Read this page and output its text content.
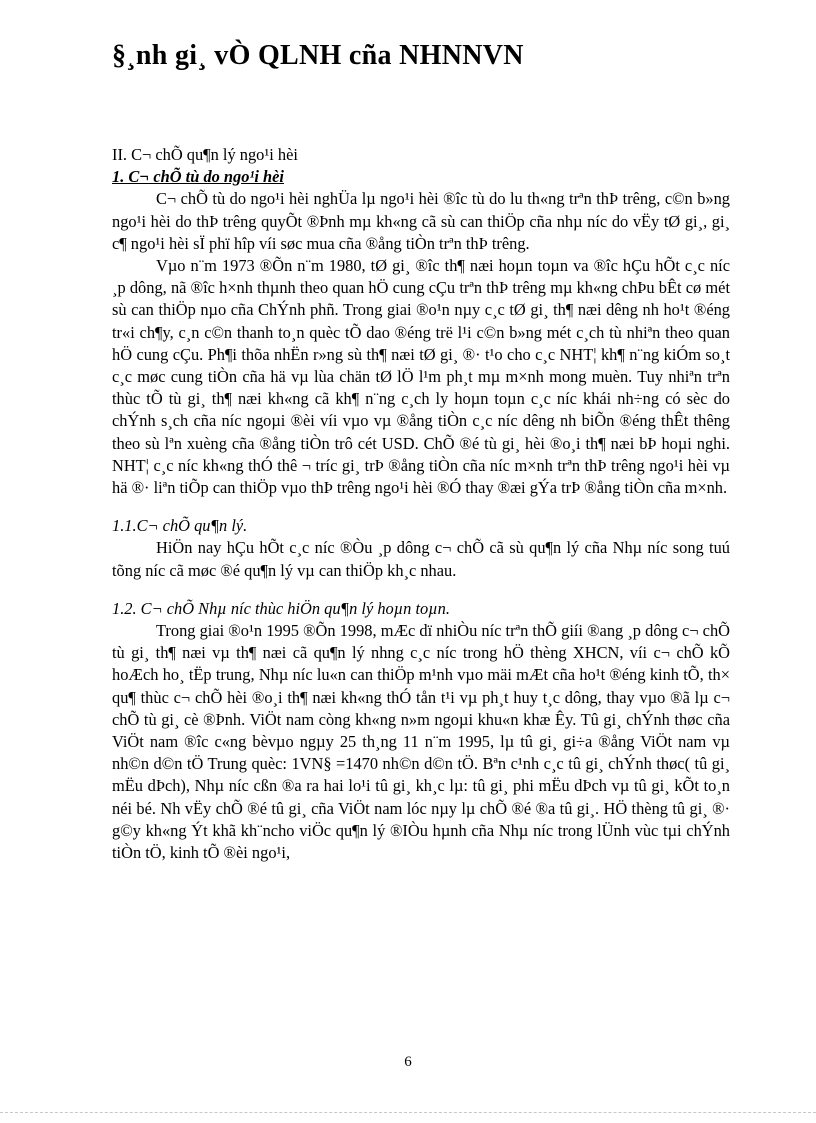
§¸nh gi¸ vÒ QLNH cña NHNNVN

II. C¬ chÕ qu¶n lý ngo¹i hèi

1. C¬ chÕ tù do ngo¹i hèi

C¬ chÕ tù do ngo¹i hèi nghÜa lµ ngo¹i hèi ®îc tù do lu th«ng trªn thÞ trêng, c©n b»ng ngo¹i hèi do thÞ trêng quyÕt ®Þnh mµ kh«ng cã sù can thiÖp cña nhµ níc do vËy tØ gi¸, gi¸ c¶ ngo¹i hèi sÏ phï hîp víi søc mua cña ®ång tiÒn trªn thÞ trêng.

Vµo n¨m 1973 ®Õn n¨m 1980, tØ gi¸ ®îc th¶ næi hoµn toµn va ®îc hÇu hÕt c¸c níc ¸p dông, nã ®îc h×nh thµnh theo quan hÖ cung cÇu trªn thÞ trêng mµ kh«ng chÞu bÊt cø mét sù can thiÖp nµo cña ChÝnh phñ. Trong giai ®o¹n nµy c¸c tØ gi¸ th¶ næi dêng nh ho¹t ®éng tr«i ch¶y, c¸n c©n thanh to¸n quèc tÕ dao ®éng trë l¹i c©n b»ng mét c¸ch tù nhiªn theo quan hÖ cung cÇu. Ph¶i thõa nhËn r»ng sù th¶ næi tØ gi¸ ®· t¹o cho c¸c NHT¦ kh¶ n¨ng kiÓm so¸t c¸c møc cung tiÒn cña hä vµ lùa chän tØ lÖ l¹m ph¸t mµ m×nh mong muèn. Tuy nhiªn trªn thùc tÕ tù gi¸ th¶ næi kh«ng cã kh¶ n¨ng c¸ch ly hoµn toµn c¸c níc khái nh÷ng có sèc do chÝnh s¸ch cña níc ngoµi ®èi víi vµo vµ ®ång tiÒn c¸c níc dêng nh biÕn ®éng thÊt thêng theo sù lªn xuèng cña ®ång tiÒn trô cét USD. ChÕ ®é tù gi¸ hèi ®o¸i th¶ næi bÞ hoµi nghi. NHT¦ c¸c níc kh«ng thÓ thê ¬ tríc gi¸ trÞ ®ång tiÒn cña níc m×nh trªn thÞ trêng ngo¹i hèi vµ hä ®· liªn tiÕp can thiÖp vµo thÞ trêng ngo¹i hèi ®Ó thay ®æi gÝa trÞ ®ång tiÒn cña m×nh.

1.1.C¬ chÕ qu¶n lý.

HiÖn nay hÇu hÕt c¸c níc ®Òu ¸p dông c¬ chÕ cã sù qu¶n lý cña Nhµ níc song tuú tõng níc cã møc ®é qu¶n lý vµ can thiÖp kh¸c nhau.

1.2. C¬ chÕ Nhµ níc thùc hiÖn qu¶n lý hoµn toµn.

Trong giai ®o¹n 1995 ®Õn 1998, mÆc dï nhiÒu níc trªn thÕ giíi ®ang ¸p dông c¬ chÕ tù gi¸ th¶ næi vµ th¶ næi cã qu¶n lý nhng c¸c níc trong hÖ thèng XHCN, víi c¬ chÕ kÕ hoÆch ho¸ tËp trung, Nhµ níc lu«n can thiÖp m¹nh vµo mäi mÆt cña ho¹t ®éng kinh tÕ, th× qu¶ thùc c¬ chÕ hèi ®o¸i th¶ næi kh«ng thÓ tån t¹i vµ ph¸t huy t¸c dông, thay vµo ®ã lµ c¬ chÕ tù gi¸ cè ®Þnh. ViÖt nam còng kh«ng n»m ngoµi khu«n khæ Êy. Tû gi¸ chÝnh thøc cña ViÖt nam ®îc c«ng bèvµo ngµy 25 th¸ng 11 n¨m 1995, lµ tû gi¸ gi÷a ®ång ViÖt nam vµ nh©n d©n tÖ Trung quèc: 1VN§ =1470 nh©n d©n tÖ. Bªn c¹nh c¸c tû gi¸ chÝnh thøc( tû gi¸ mËu dÞch), Nhµ níc cßn ®a ra hai lo¹i tû gi¸ kh¸c lµ: tû gi¸ phi mËu dÞch vµ tû gi¸ kÕt to¸n néi bé. Nh vËy chÕ ®é tû gi¸ cña ViÖt nam lóc nµy lµ chÕ ®é ®a tû gi¸. HÖ thèng tû gi¸ ®· g©y kh«ng Ýt khã kh¨ncho viÖc qu¶n lý ®IÒu hµnh cña Nhµ níc trong lÜnh vùc tµi chÝnh tiÒn tÖ, kinh tÕ ®èi ngo¹i,

6
